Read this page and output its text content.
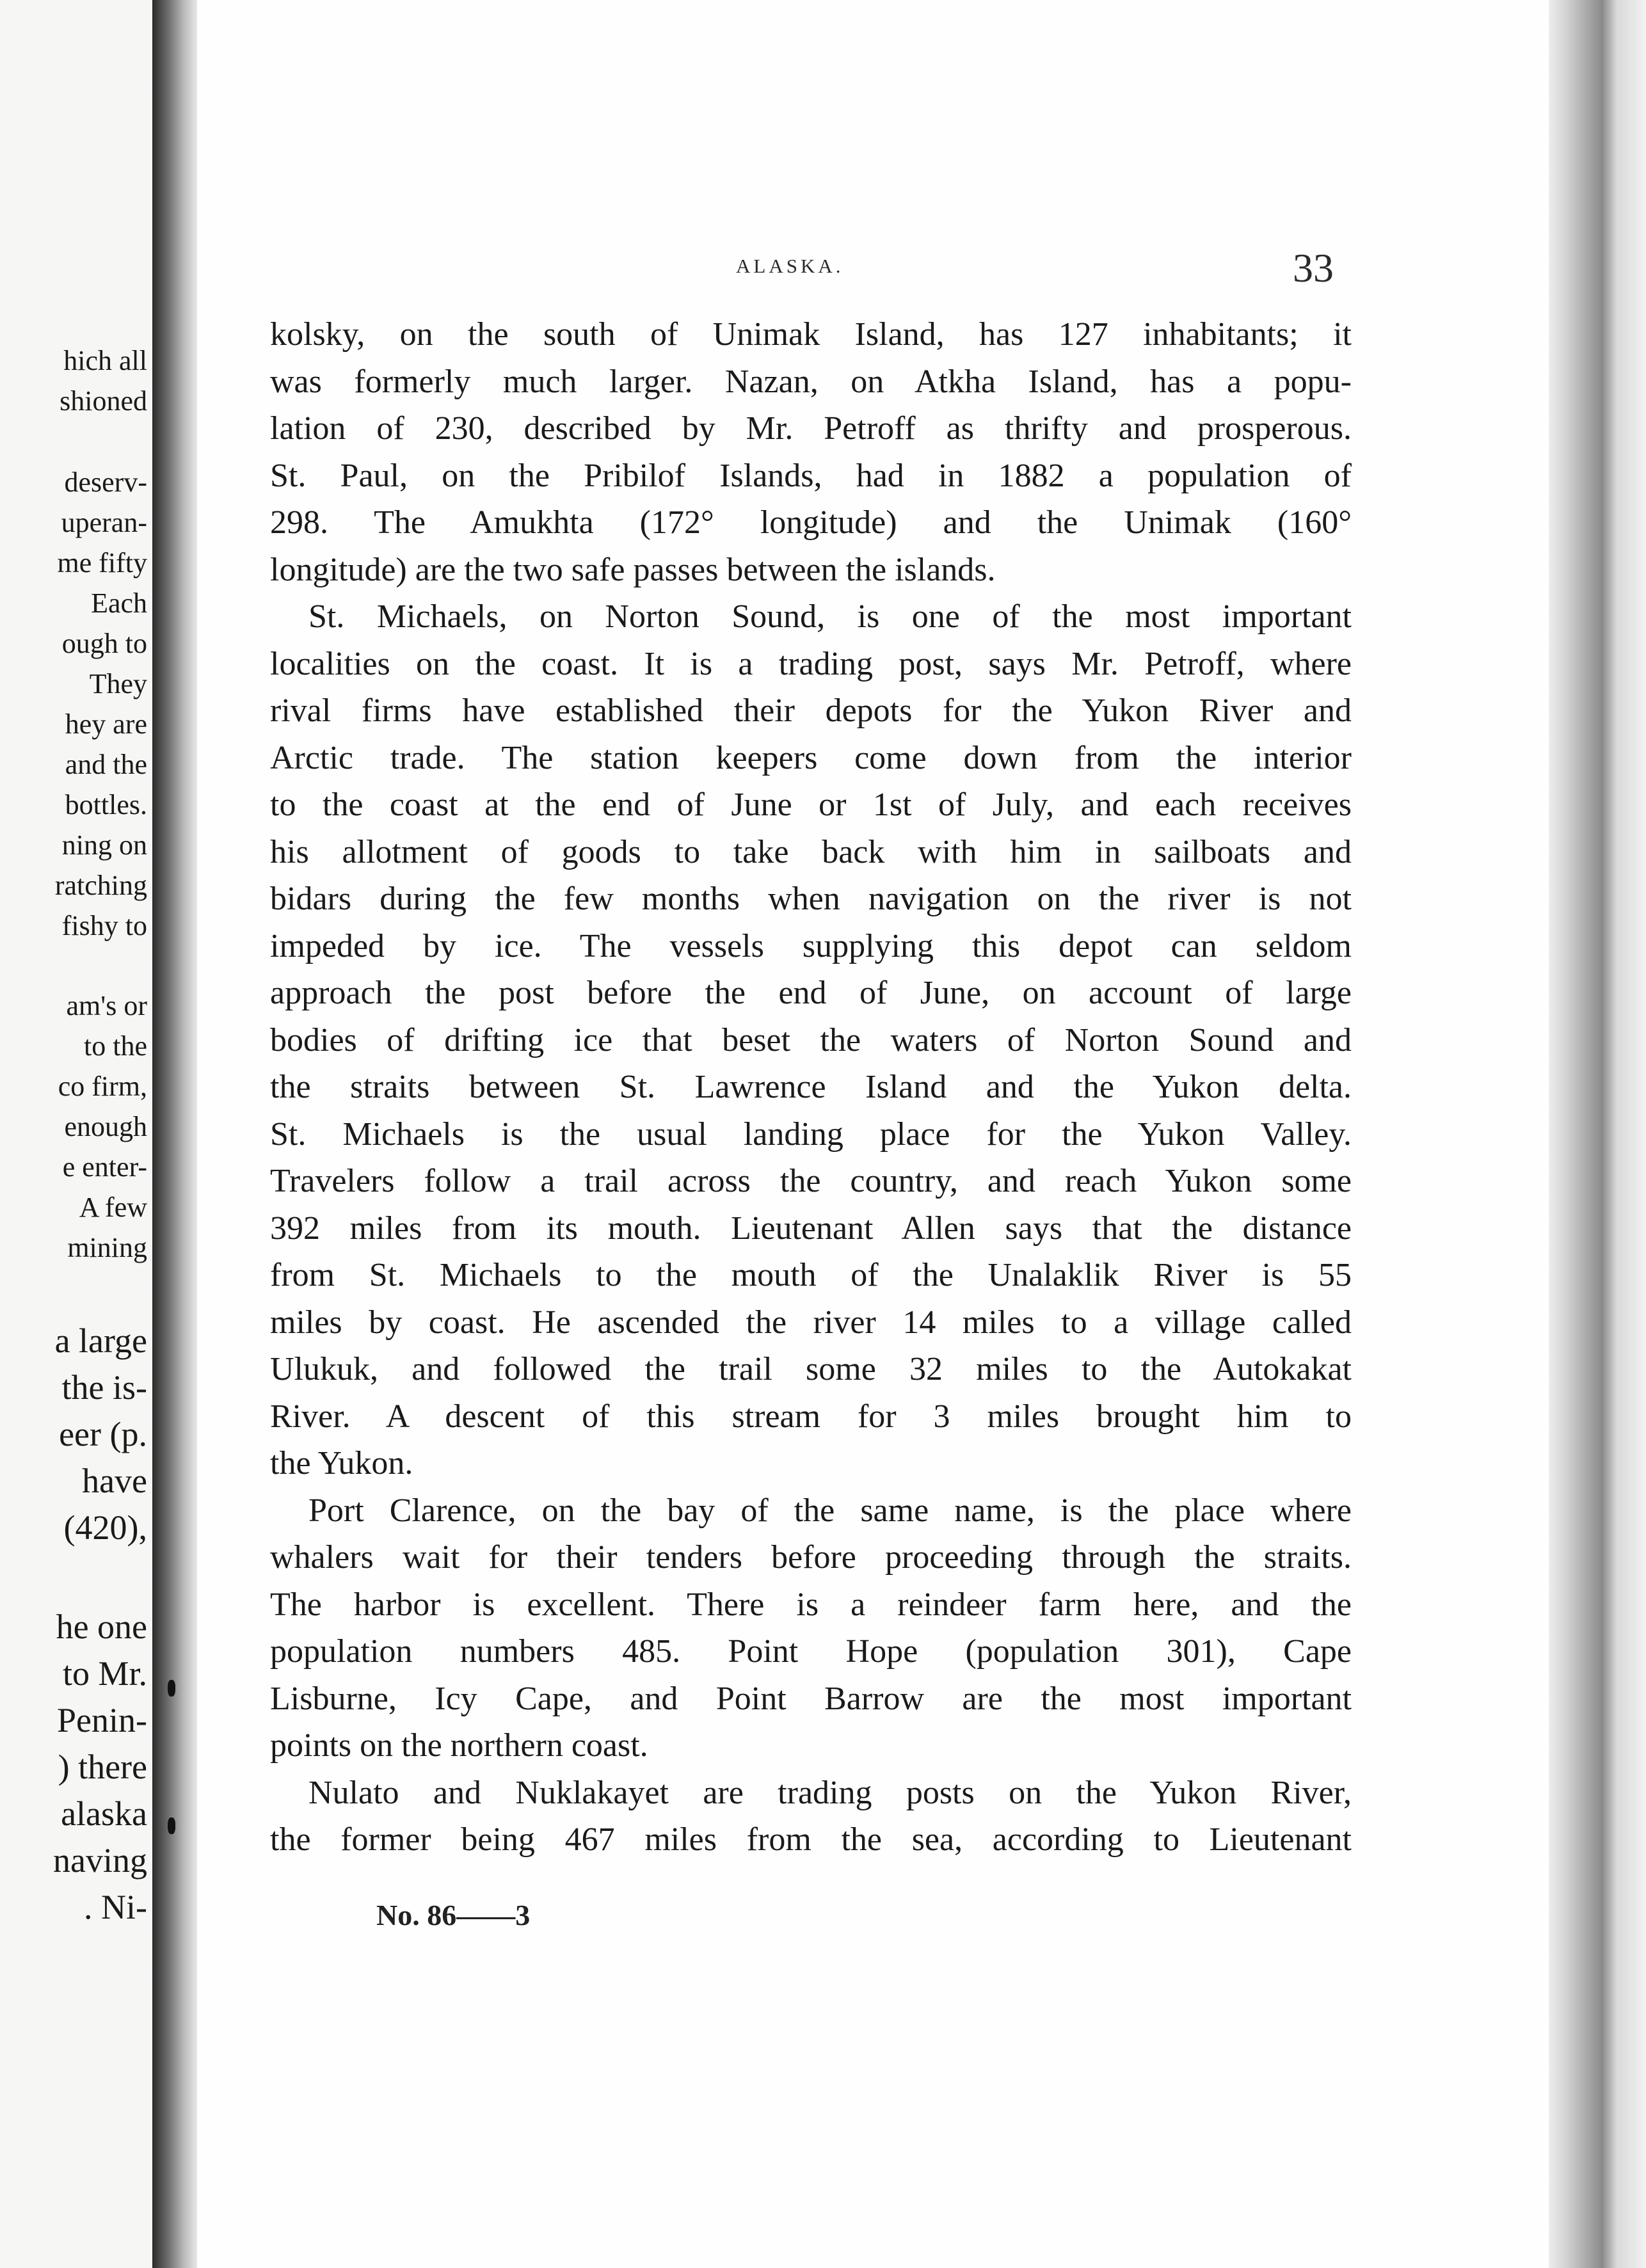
hich all
shioned
deserv-
uperan-
me fifty
Each
ough to
They
hey are
and the
bottles.
ning on
ratching
fishy to
am's or
to the
co firm,
enough
e enter-
A few
mining
a large
the is-
eer (p.
have
(420),
he one
to Mr.
Penin-
) there
alaska
naving
. Ni-
ALASKA.	33
kolsky, on the south of Unimak Island, has 127 inhabitants; it
was formerly much larger. Nazan, on Atkha Island, has a popu-
lation of 230, described by Mr. Petroff as thrifty and prosperous.
St. Paul, on the Pribilof Islands, had in 1882 a population of
298. The Amukhta (172° longitude) and the Unimak (160°
longitude) are the two safe passes between the islands.
St. Michaels, on Norton Sound, is one of the most important
localities on the coast. It is a trading post, says Mr. Petroff, where
rival firms have established their depots for the Yukon River and
Arctic trade. The station keepers come down from the interior
to the coast at the end of June or 1st of July, and each receives
his allotment of goods to take back with him in sailboats and
bidars during the few months when navigation on the river is not
impeded by ice. The vessels supplying this depot can seldom
approach the post before the end of June, on account of large
bodies of drifting ice that beset the waters of Norton Sound and
the straits between St. Lawrence Island and the Yukon delta.
St. Michaels is the usual landing place for the Yukon Valley.
Travelers follow a trail across the country, and reach Yukon some
392 miles from its mouth. Lieutenant Allen says that the distance
from St. Michaels to the mouth of the Unalaklik River is 55
miles by coast. He ascended the river 14 miles to a village called
Ulukuk, and followed the trail some 32 miles to the Autokakat
River. A descent of this stream for 3 miles brought him to
the Yukon.
Port Clarence, on the bay of the same name, is the place where
whalers wait for their tenders before proceeding through the straits.
The harbor is excellent. There is a reindeer farm here, and the
population numbers 485. Point Hope (population 301), Cape
Lisburne, Icy Cape, and Point Barrow are the most important
points on the northern coast.
Nulato and Nuklakayet are trading posts on the Yukon River,
the former being 467 miles from the sea, according to Lieutenant
No. 86——3
